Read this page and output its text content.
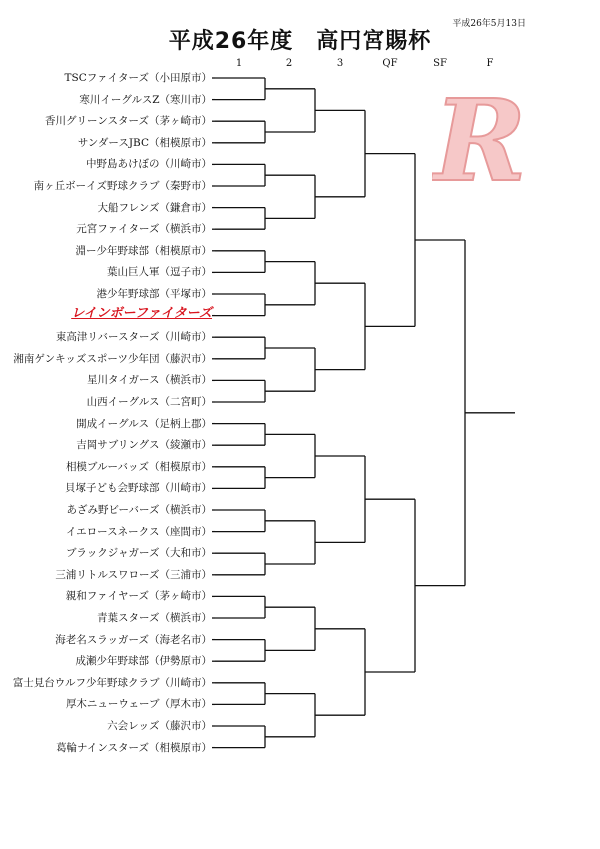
平成26年5月13日
平成26年度　高円宮賜杯
1	2	3	QF	SF	F
R
TSCファイターズ（小田原市）
寒川イーグルスZ（寒川市）
香川グリーンスターズ（茅ヶ崎市）
サンダースJBC（相模原市）
中野島あけぼの（川崎市）
南ヶ丘ボーイズ野球クラブ（秦野市）
大船フレンズ（鎌倉市）
元宮ファイターズ（横浜市）
淵ー少年野球部（相模原市）
葉山巨人軍（逗子市）
港少年野球部（平塚市）
レインボーファイターズ
東高津リバースターズ（川崎市）
湘南ゲンキッズスポーツ少年団（藤沢市）
星川タイガース（横浜市）
山西イーグルス（二宮町）
開成イーグルス（足柄上郡）
吉岡サブリングス（綾瀬市）
相模ブルーバッズ（相模原市）
貝塚子ども会野球部（川崎市）
あざみ野ビーバーズ（横浜市）
イエロースネークス（座間市）
ブラックジャガーズ（大和市）
三浦リトルスワローズ（三浦市）
親和ファイヤーズ（茅ヶ崎市）
青葉スターズ（横浜市）
海老名スラッガーズ（海老名市）
成瀬少年野球部（伊勢原市）
富士見台ウルフ少年野球クラブ（川崎市）
厚木ニューウェーブ（厚木市）
六会レッズ（藤沢市）
葛輪ナインスターズ（相模原市）
